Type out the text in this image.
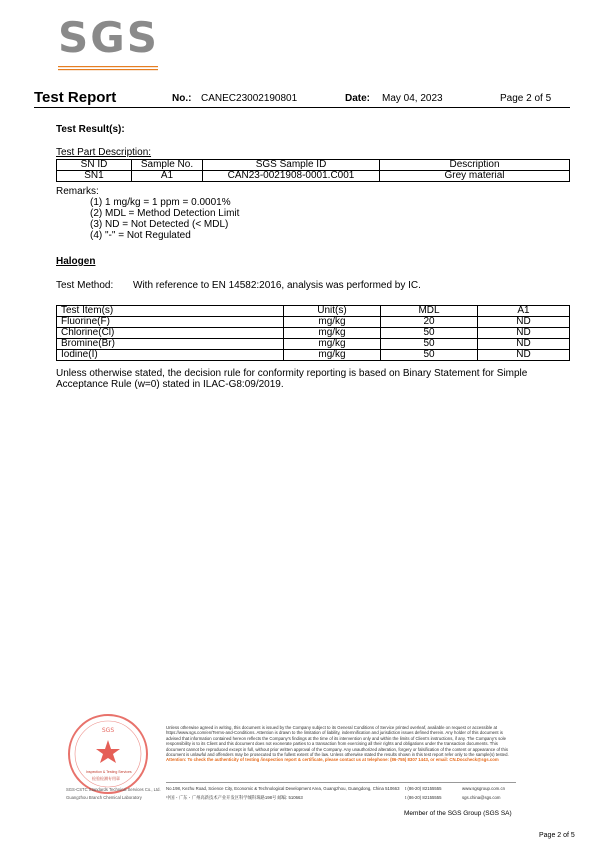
SGS
Test Report	No.: CANEC23002190801	Date: May 04, 2023	Page 2 of 5
Test Result(s):
Test Part Description:
SN ID	Sample No.	SGS Sample ID	Description
SN1	A1	CAN23-0021908-0001.C001	Grey material
Remarks:
(1) 1 mg/kg = 1 ppm = 0.0001%
(2) MDL = Method Detection Limit
(3) ND = Not Detected (< MDL)
(4) "-" = Not Regulated
Halogen
Test Method: With reference to EN 14582:2016, analysis was performed by IC.
Test Item(s)	Unit(s)	MDL	A1
Fluorine(F)	mg/kg	20	ND
Chlorine(Cl)	mg/kg	50	ND
Bromine(Br)	mg/kg	50	ND
Iodine(I)	mg/kg	50	ND
Unless otherwise stated, the decision rule for conformity reporting is based on Binary Statement for Simple Acceptance Rule (w=0) stated in ILAC-G8:09/2019.
SGS
Inspection & Testing Services
检验检测专用章
SGS-CSTC Standards Technical Services Co., Ltd.
Guangzhou Branch Chemical Laboratory
Unless otherwise agreed in writing, this document is issued by the Company subject to its General Conditions of Service printed overleaf, available on request or accessible at https://www.sgs.com/en/Terms-and-Conditions. Attention is drawn to the limitation of liability, indemnification and jurisdiction issues defined therein. Any holder of this document is advised that information contained hereon reflects the Company's findings at the time of its intervention only and within the limits of Client's instructions, if any. The Company's sole responsibility is to its Client and this document does not exonerate parties to a transaction from exercising all their rights and obligations under the transaction documents. This document cannot be reproduced except in full, without prior written approval of the Company. Any unauthorized alteration, forgery or falsification of the content or appearance of this document is unlawful and offenders may be prosecuted to the fullest extent of the law. Unless otherwise stated the results shown in this test report refer only to the sample(s) tested. Attention: To check the authenticity of testing /inspection report & certificate, please contact us at telephone: (86-755) 8307 1443, or email: CN.Doccheck@sgs.com
No.198, Kezhu Road, Science City, Economic & Technological Development Area, Guangzhou, Guangdong, China 510663
中国・广东・广州高新技术产业开发区科学城科珠路198号 邮编: 510663
t (86-20) 82155555
t (86-20) 82155555
www.sgsgroup.com.cn
sgs.china@sgs.com
Member of the SGS Group (SGS SA)
Page 2 of 5
